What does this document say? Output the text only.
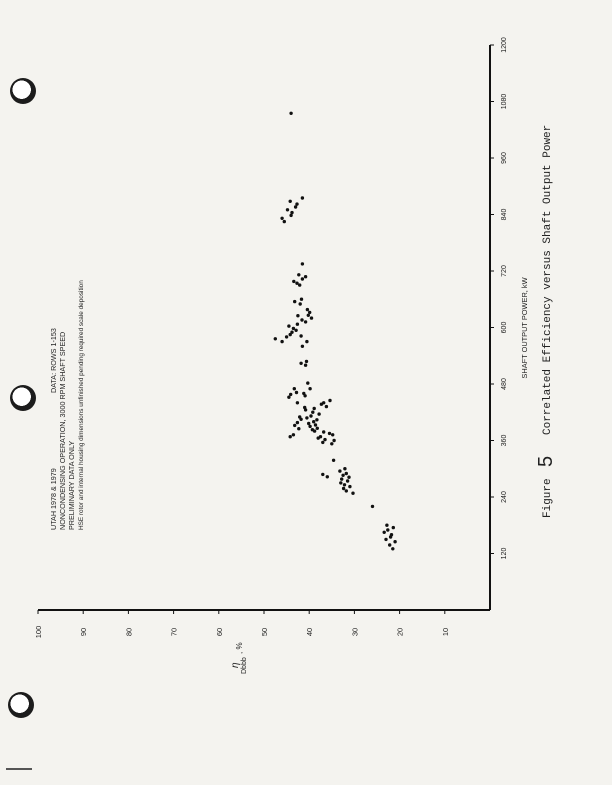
120
240
360
480
600
720
840
960
1080
1200
10
20
30
40
50
60
70
80
90
100
UTAH 1978 & 1979
DATA: ROWS 1-153 NONCONDENSING OPERATION, 3000 RPM SHAFT SPEED PRELIMINARY DATA ONLY HSE rotor and internal housing dimensions unfinished pending required scale deposition	SHAFT OUTPUT POWER, kW
Figure
5
Correlated Efficiency versus Shaft Output Power
η Dbbb
, %
